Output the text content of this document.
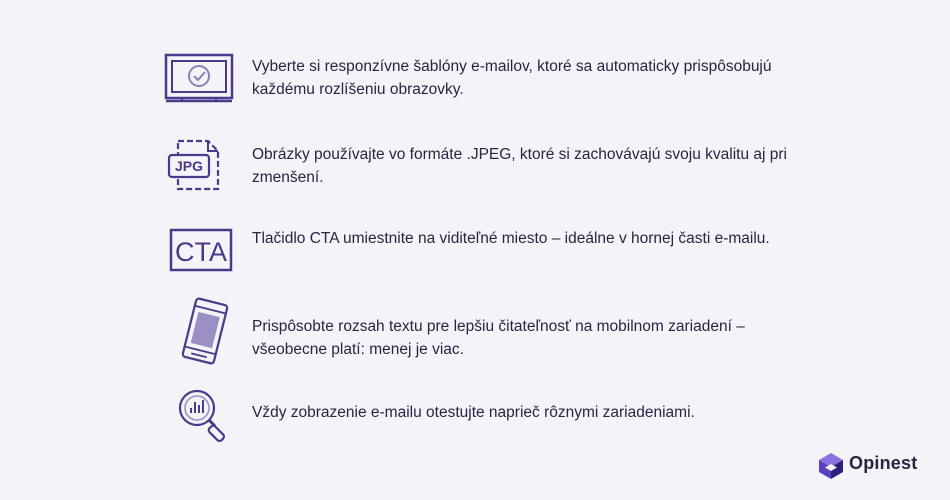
Vyberte si responzívne šablóny e-mailov, ktoré sa automaticky prispôsobujú každému rozlíšeniu obrazovky.
JPG
Obrázky používajte vo formáte .JPEG, ktoré si zachovávajú svoju kvalitu aj pri zmenšení.
CTA Tlačidlo CTA umiestnite na viditeľné miesto – ideálne v hornej časti e-mailu.
Prispôsobte rozsah textu pre lepšiu čitateľnosť na mobilnom zariadení – všeobecne platí: menej je viac.
Vždy zobrazenie e-mailu otestujte naprieč rôznymi zariadeniami.
Opinest
